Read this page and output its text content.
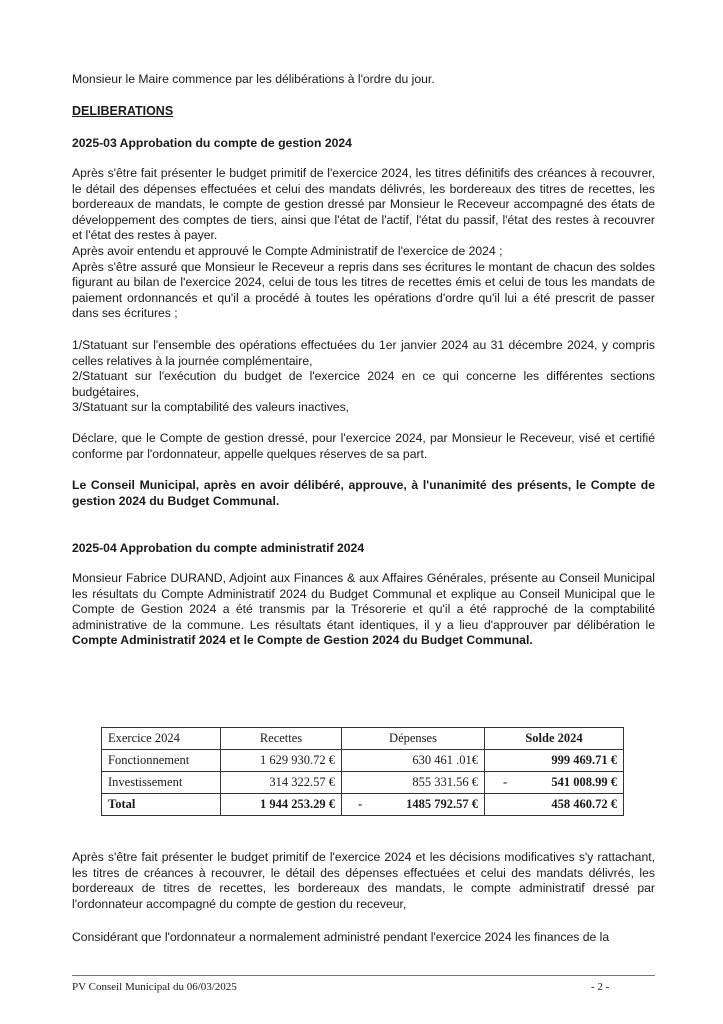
Monsieur le Maire commence par les délibérations à l'ordre du jour.

DELIBERATIONS

2025-03 Approbation du compte de gestion 2024

Après s'être fait présenter le budget primitif de l'exercice 2024, les titres définitifs des créances à recouvrer, le détail des dépenses effectuées et celui des mandats délivrés, les bordereaux des titres de recettes, les bordereaux de mandats, le compte de gestion dressé par Monsieur le Receveur accompagné des états de développement des comptes de tiers, ainsi que l'état de l'actif, l'état du passif, l'état des restes à recouvrer et l'état des restes à payer.
Après avoir entendu et approuvé le Compte Administratif de l'exercice de 2024 ;
Après s'être assuré que Monsieur le Receveur a repris dans ses écritures le montant de chacun des soldes figurant au bilan de l'exercice 2024, celui de tous les titres de recettes émis et celui de tous les mandats de paiement ordonnancés et qu'il a procédé à toutes les opérations d'ordre qu'il lui a été prescrit de passer dans ses écritures ;
1/Statuant sur l'ensemble des opérations effectuées du 1er janvier 2024 au 31 décembre 2024, y compris celles relatives à la journée complémentaire,
2/Statuant sur l'exécution du budget de l'exercice 2024 en ce qui concerne les différentes sections budgétaires,
3/Statuant sur la comptabilité des valeurs inactives,

Déclare, que le Compte de gestion dressé, pour l'exercice 2024, par Monsieur le Receveur, visé et certifié conforme par l'ordonnateur, appelle quelques réserves de sa part.

Le Conseil Municipal, après en avoir délibéré, approuve, à l'unanimité des présents, le Compte de gestion 2024 du Budget Communal.

2025-04 Approbation du compte administratif 2024

Monsieur Fabrice DURAND, Adjoint aux Finances & aux Affaires Générales, présente au Conseil Municipal les résultats du Compte Administratif 2024 du Budget Communal et explique au Conseil Municipal que le Compte de Gestion 2024 a été transmis par la Trésorerie et qu'il a été rapproché de la comptabilité administrative de la commune. Les résultats étant identiques, il y a lieu d'approuver par délibération le Compte Administratif 2024 et le Compte de Gestion 2024 du Budget Communal.

Exercice 2024	Recettes	Dépenses	Solde 2024
Fonctionnement	1 629 930.72 €	630 461 .01€	999 469.71 €
Investissement	314 322.57 €	855 331.56 €	- 541 008.99 €
Total	1 944 253.29 €	- 1485 792.57 €	458 460.72 €

Après s'être fait présenter le budget primitif de l'exercice 2024 et les décisions modificatives s'y rattachant, les titres de créances à recouvrer, le détail des dépenses effectuées et celui des mandats délivrés, les bordereaux de titres de recettes, les bordereaux des mandats, le compte administratif dressé par l'ordonnateur accompagné du compte de gestion du receveur,

Considérant que l'ordonnateur a normalement administré pendant l'exercice 2024 les finances de la

PV Conseil Municipal du 06/03/2025	- 2 -
